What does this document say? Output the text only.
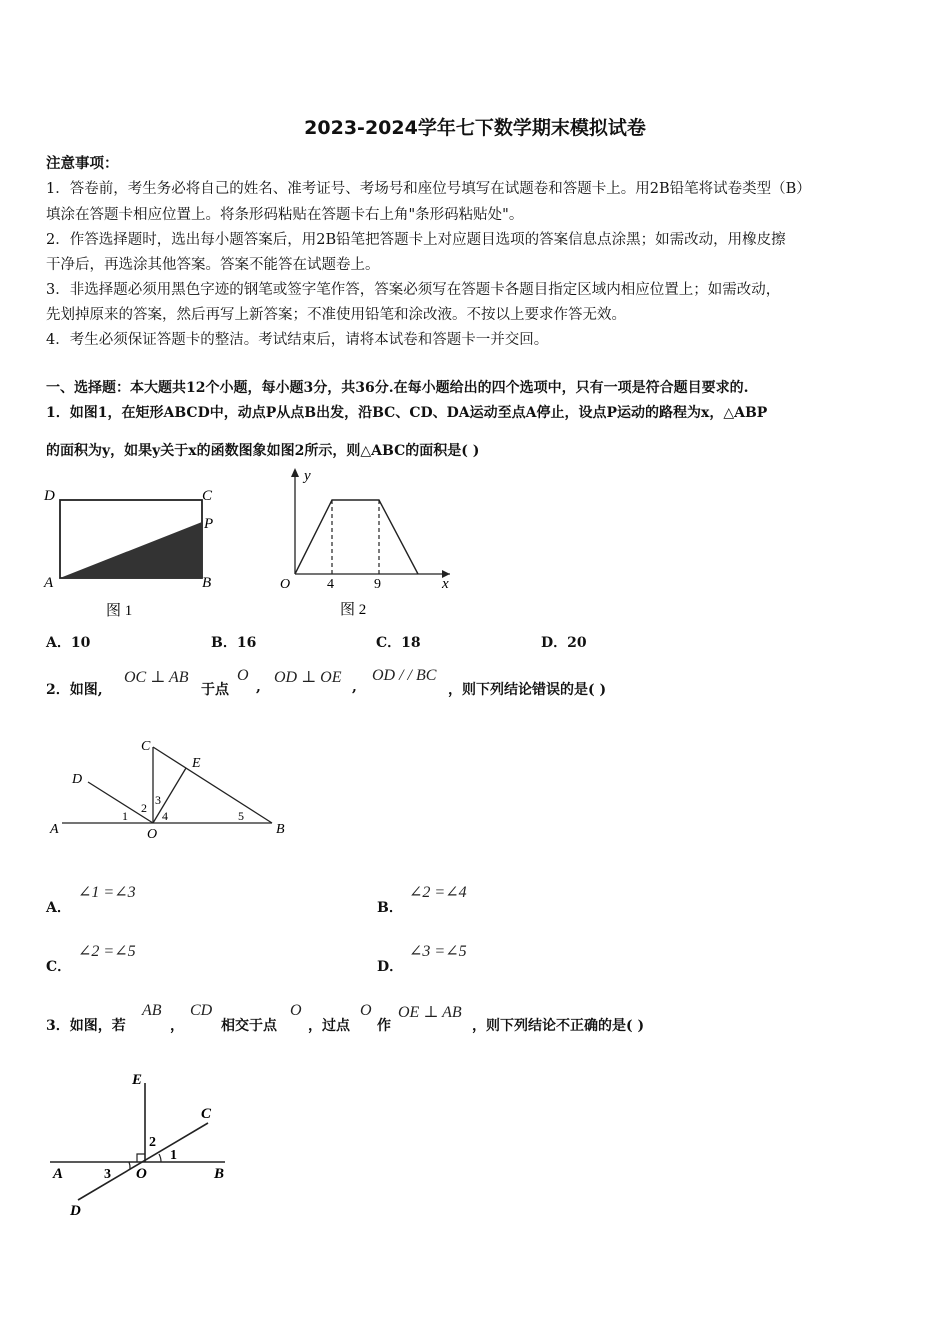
2023-2024学年七下数学期末模拟试卷
注意事项：
1．答卷前，考生务必将自己的姓名、准考证号、考场号和座位号填写在试题卷和答题卡上。用2B铅笔将试卷类型（B）
填涂在答题卡相应位置上。将条形码粘贴在答题卡右上角"条形码粘贴处"。
2．作答选择题时，选出每小题答案后，用2B铅笔把答题卡上对应题目选项的答案信息点涂黑；如需改动，用橡皮擦
干净后，再选涂其他答案。答案不能答在试题卷上。
3．非选择题必须用黑色字迹的钢笔或签字笔作答，答案必须写在答题卡各题目指定区域内相应位置上；如需改动，
先划掉原来的答案，然后再写上新答案；不准使用铅笔和涂改液。不按以上要求作答无效。
4．考生必须保证答题卡的整洁。考试结束后，请将本试卷和答题卡一并交回。
一、选择题：本大题共12个小题，每小题3分，共36分.在每小题给出的四个选项中，只有一项是符合题目要求的.
1．如图1，在矩形ABCD中，动点P从点B出发，沿BC、CD、DA运动至点A停止，设点P运动的路程为x，△ABP
的面积为y，如果y关于x的函数图象如图2所示，则△ABC的面积是( )
D	C
P
A	B
图 1
y
O	4	9	x
图 2
A．10	B．16	C．18	D．20
2．如图,
OC ⊥ AB
于点
O
,
OD ⊥ OE
,
OD / / BC
，则下列结论错误的是( )
C
E
D
2
3
1	4	5
A	O	B
A．
∠1 =∠3
B．
∠2 =∠4
C．
∠2 =∠5
D．
∠3 =∠5
3．如图，若
AB
，
CD
相交于点
O
，过点
O
作
OE ⊥ AB
，则下列结论不正确的是( )
E
C
2
1
A	3 O	B
D
